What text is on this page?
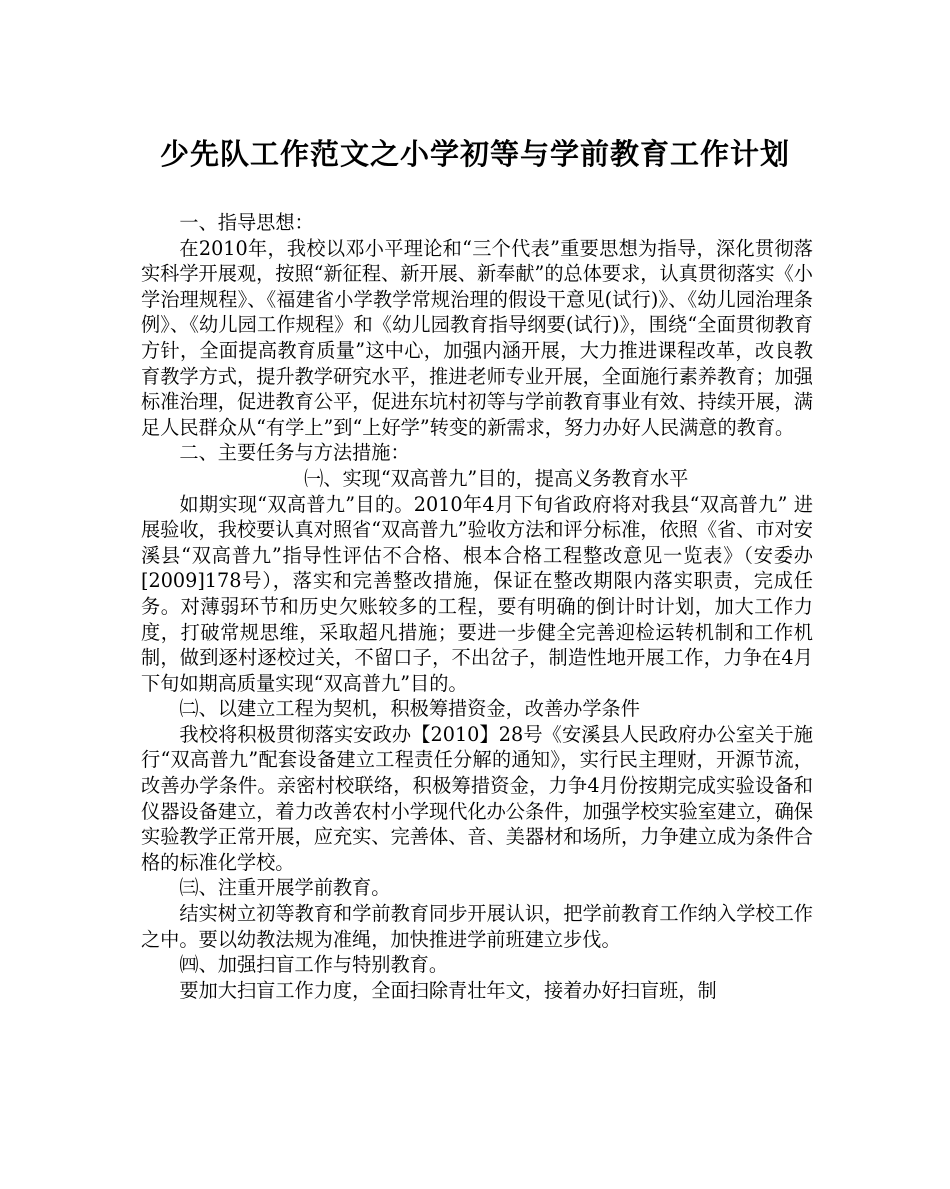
少先队工作范文之小学初等与学前教育工作计划

一、指导思想：

在2010年，我校以邓小平理论和“三个代表”重要思想为指导，深化贯彻落实科学开展观，按照“新征程、新开展、新奉献”的总体要求，认真贯彻落实《小学治理规程》、《福建省小学教学常规治理的假设干意见(试行)》、《幼儿园治理条例》、《幼儿园工作规程》和《幼儿园教育指导纲要(试行)》，围绕“全面贯彻教育方针，全面提高教育质量”这中心，加强内涵开展，大力推进课程改革，改良教育教学方式，提升教学研究水平，推进老师专业开展，全面施行素养教育；加强标准治理，促进教育公平，促进东坑村初等与学前教育事业有效、持续开展，满足人民群众从“有学上”到“上好学”转变的新需求，努力办好人民满意的教育。

二、主要任务与方法措施：

㈠、实现“双高普九”目的，提高义务教育水平

如期实现“双高普九”目的。2010年4月下旬省政府将对我县“双高普九” 进展验收，我校要认真对照省“双高普九”验收方法和评分标准，依照《省、市对安溪县“双高普九”指导性评估不合格、根本合格工程整改意见一览表》（安委办[2009]178号），落实和完善整改措施，保证在整改期限内落实职责，完成任务。对薄弱环节和历史欠账较多的工程，要有明确的倒计时计划，加大工作力度，打破常规思维，采取超凡措施；要进一步健全完善迎检运转机制和工作机制，做到逐村逐校过关，不留口子，不出岔子，制造性地开展工作，力争在4月下旬如期高质量实现“双高普九”目的。

㈡、以建立工程为契机，积极筹措资金，改善办学条件

我校将积极贯彻落实安政办【2010】28号《安溪县人民政府办公室关于施行“双高普九”配套设备建立工程责任分解的通知》，实行民主理财，开源节流，改善办学条件。亲密村校联络，积极筹措资金，力争4月份按期完成实验设备和仪器设备建立，着力改善农村小学现代化办公条件，加强学校实验室建立，确保实验教学正常开展，应充实、完善体、音、美器材和场所，力争建立成为条件合格的标准化学校。

㈢、注重开展学前教育。

结实树立初等教育和学前教育同步开展认识，把学前教育工作纳入学校工作之中。要以幼教法规为准绳，加快推进学前班建立步伐。

㈣、加强扫盲工作与特别教育。

要加大扫盲工作力度，全面扫除青壮年文，接着办好扫盲班，制
